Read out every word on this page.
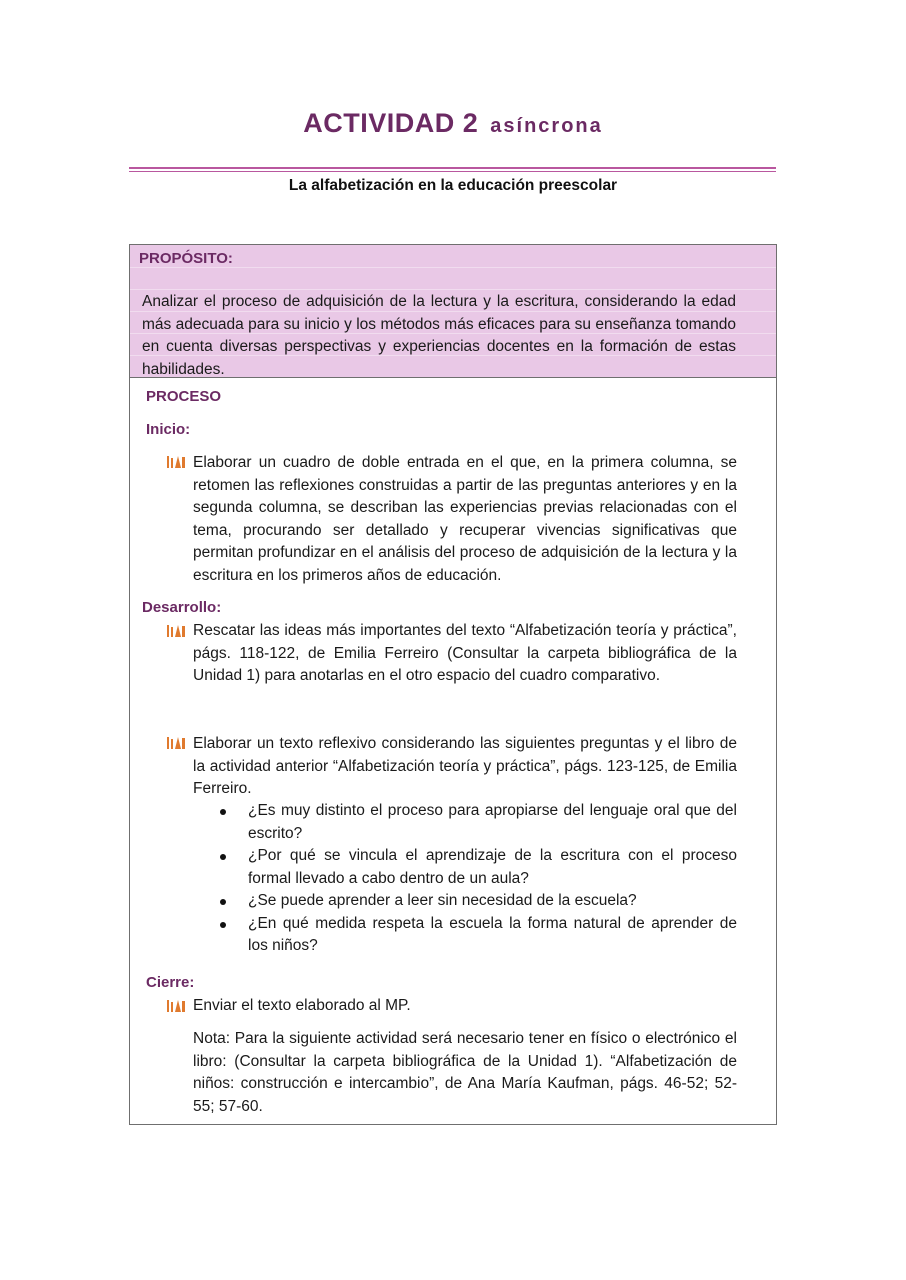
ACTIVIDAD 2 asíncrona
La alfabetización en la educación preescolar
PROPÓSITO:
Analizar el proceso de adquisición de la lectura y la escritura, considerando la edad más adecuada para su inicio y los métodos más eficaces para su enseñanza tomando en cuenta diversas perspectivas y experiencias docentes en la formación de estas habilidades.
PROCESO
Inicio:
Elaborar un cuadro de doble entrada en el que, en la primera columna, se retomen las reflexiones construidas a partir de las preguntas anteriores y en la segunda columna, se describan las experiencias previas relacionadas con el tema, procurando ser detallado y recuperar vivencias significativas que permitan profundizar en el análisis del proceso de adquisición de la lectura y la escritura en los primeros años de educación.
Desarrollo:
Rescatar las ideas más importantes del texto “Alfabetización teoría y práctica”, págs. 118-122, de Emilia Ferreiro (Consultar la carpeta bibliográfica de la Unidad 1) para anotarlas en el otro espacio del cuadro comparativo.
Elaborar un texto reflexivo considerando las siguientes preguntas y el libro de la actividad anterior “Alfabetización teoría y práctica”, págs. 123-125, de Emilia Ferreiro.
¿Es muy distinto el proceso para apropiarse del lenguaje oral que del escrito?
¿Por qué se vincula el aprendizaje de la escritura con el proceso formal llevado a cabo dentro de un aula?
¿Se puede aprender a leer sin necesidad de la escuela?
¿En qué medida respeta la escuela la forma natural de aprender de los niños?
Cierre:
Enviar el texto elaborado al MP.
Nota: Para la siguiente actividad será necesario tener en físico o electrónico el libro: (Consultar la carpeta bibliográfica de la Unidad 1). “Alfabetización de niños: construcción e intercambio”, de Ana María Kaufman, págs. 46-52; 52-55; 57-60.
